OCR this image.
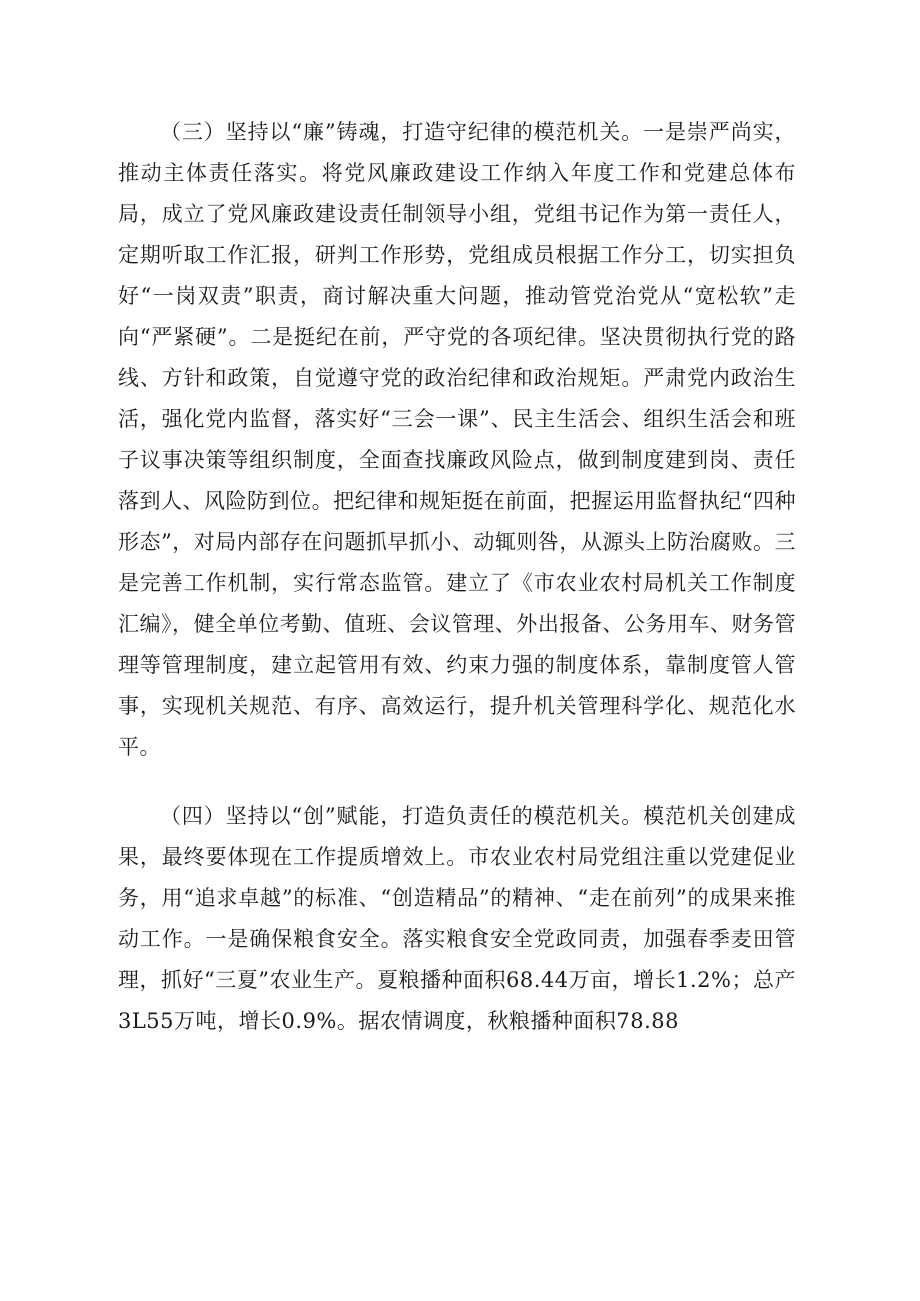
（三）坚持以“廉”铸魂，打造守纪律的模范机关。一是崇严尚实，推动主体责任落实。将党风廉政建设工作纳入年度工作和党建总体布局，成立了党风廉政建设责任制领导小组，党组书记作为第一责任人，定期听取工作汇报，研判工作形势，党组成员根据工作分工，切实担负好“一岗双责”职责，商讨解决重大问题，推动管党治党从“宽松软”走向“严紧硬”。二是挺纪在前，严守党的各项纪律。坚决贯彻执行党的路线、方针和政策，自觉遵守党的政治纪律和政治规矩。严肃党内政治生活，强化党内监督，落实好“三会一课”、民主生活会、组织生活会和班子议事决策等组织制度，全面查找廉政风险点，做到制度建到岗、责任落到人、风险防到位。把纪律和规矩挺在前面，把握运用监督执纪“四种形态”，对局内部存在问题抓早抓小、动辄则咎，从源头上防治腐败。三是完善工作机制，实行常态监管。建立了《市农业农村局机关工作制度汇编》，健全单位考勤、值班、会议管理、外出报备、公务用车、财务管理等管理制度，建立起管用有效、约束力强的制度体系，靠制度管人管事，实现机关规范、有序、高效运行，提升机关管理科学化、规范化水平。

（四）坚持以“创”赋能，打造负责任的模范机关。模范机关创建成果，最终要体现在工作提质增效上。市农业农村局党组注重以党建促业务，用“追求卓越”的标准、“创造精品”的精神、“走在前列”的成果来推动工作。一是确保粮食安全。落实粮食安全党政同责，加强春季麦田管理，抓好“三夏”农业生产。夏粮播种面积68.44万亩，增长1.2%；总产3L55万吨，增长0.9%。据农情调度，秋粮播种面积78.88
